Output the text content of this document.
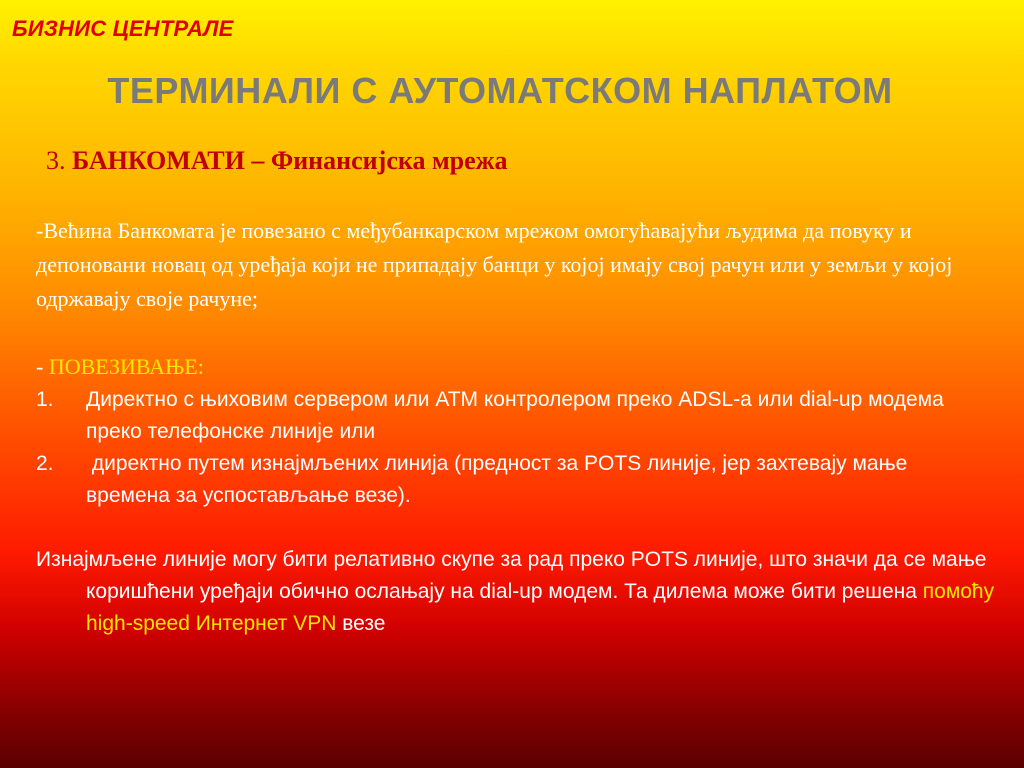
БИЗНИС ЦЕНТРАЛЕ
ТЕРМИНАЛИ С АУТОМАТСКОМ НАПЛАТОМ
3. БАНКОМАТИ – Финансијска мрежа

-Већина Банкомата је повезано с међубанкарском мрежом омогућавајући људима да повуку и депоновани новац од уређаја који не припадају банци у којој имају свој рачун или у земљи у којој одржавају своје рачуне;

- ПОВЕЗИВАЊЕ:
1. Директно с њиховим сервером или АТМ контролером преко ADSL-a или dial-up модема преко телефонске линије или
2. директно путем изнајмљених линија (предност за POTS линије, јер захтевају мање времена за успостављање везе).
Изнајмљене линије могу бити релативно скупе за рад преко POTS линије, што значи да се мање коришћени уређаји обично ослањају на dial-up модем. Та дилема може бити решена помоћу high-speed Интернет VPN везе
